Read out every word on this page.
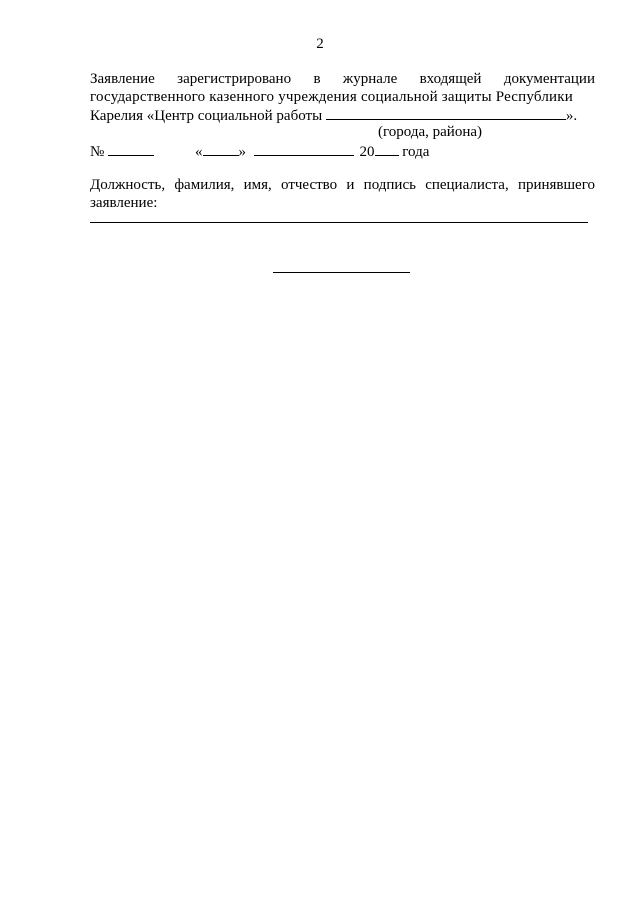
2
Заявление зарегистрировано в журнале входящей документации
государственного казенного учреждения социальной защиты Республики
Карелия «Центр социальной работы	».
(города, района)
№	« »	20 года
Должность, фамилия, имя, отчество и подпись специалиста, принявшего
заявление:
